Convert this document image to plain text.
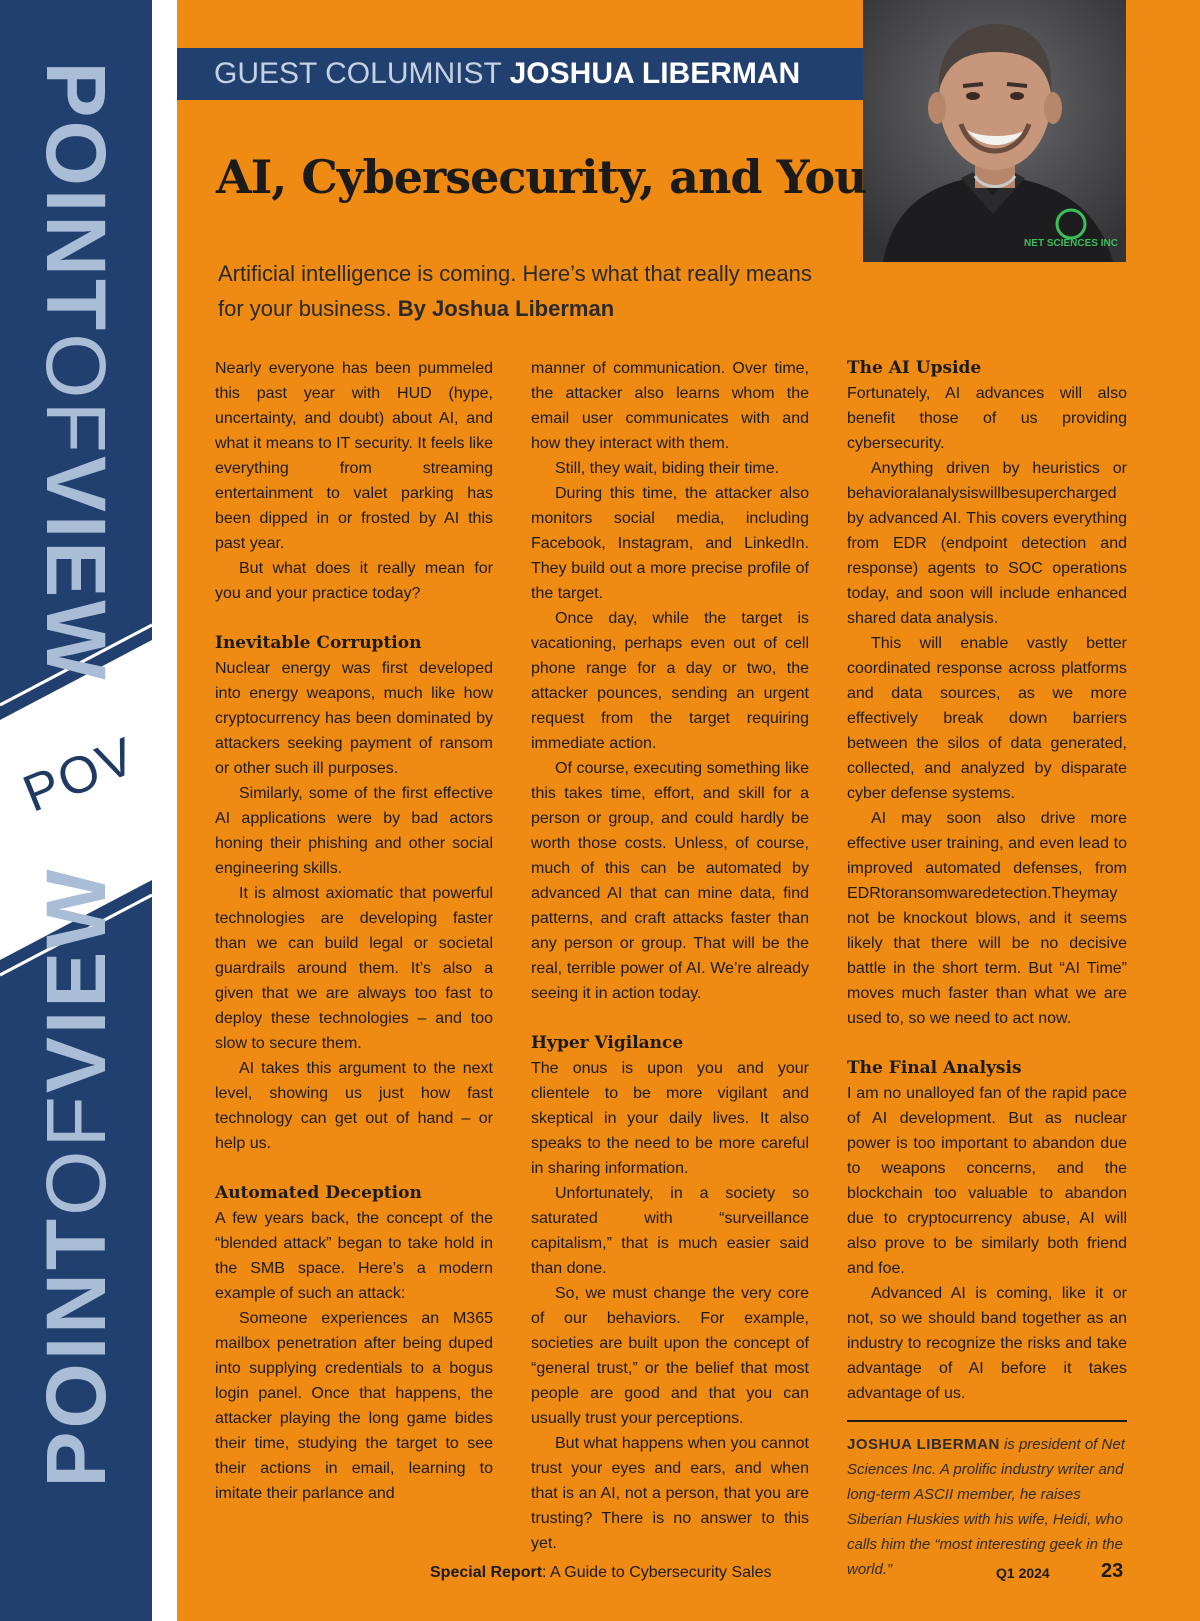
POINTOFVIEW
POINTOFVIEW
POV
GUEST COLUMNIST JOSHUA LIBERMAN
NET SCIENCES INC
AI, Cybersecurity, and You
Artificial intelligence is coming. Here’s what that really means for your business. By Joshua Liberman

Nearly everyone has been pummeled this past year with HUD (hype, uncertainty, and doubt) about AI, and what it means to IT security. It feels like everything from streaming entertainment to valet parking has been dipped in or frosted by AI this past year.

But what does it really mean for you and your practice today?

Inevitable Corruption

Nuclear energy was first developed into energy weapons, much like how cryptocurrency has been dominated by attackers seeking payment of ransom or other such ill purposes.

Similarly, some of the first effective AI applications were by bad actors honing their phishing and other social engineering skills.

It is almost axiomatic that powerful technologies are developing faster than we can build legal or societal guardrails around them. It’s also a given that we are always too fast to deploy these technologies – and too slow to secure them.

AI takes this argument to the next level, showing us just how fast technology can get out of hand – or help us.

Automated Deception

A few years back, the concept of the “blended attack” began to take hold in the SMB space. Here’s a modern example of such an attack:

Someone experiences an M365 mailbox penetration after being duped into supplying credentials to a bogus login panel. Once that happens, the attacker playing the long game bides their time, studying the target to see their actions in email, learning to imitate their parlance and

manner of communication. Over time, the attacker also learns whom the email user communicates with and how they interact with them.

Still, they wait, biding their time.

During this time, the attacker also monitors social media, including Facebook, Instagram, and LinkedIn. They build out a more precise profile of the target.

Once day, while the target is vacationing, perhaps even out of cell phone range for a day or two, the attacker pounces, sending an urgent request from the target requiring immediate action.

Of course, executing something like this takes time, effort, and skill for a person or group, and could hardly be worth those costs. Unless, of course, much of this can be automated by advanced AI that can mine data, find patterns, and craft attacks faster than any person or group. That will be the real, terrible power of AI. We’re already seeing it in action today.

Hyper Vigilance

The onus is upon you and your clientele to be more vigilant and skeptical in your daily lives. It also speaks to the need to be more careful in sharing information.

Unfortunately, in a society so saturated with “surveillance capitalism,” that is much easier said than done.

So, we must change the very core of our behaviors. For example, societies are built upon the concept of “general trust,” or the belief that most people are good and that you can usually trust your perceptions.

But what happens when you cannot trust your eyes and ears, and when that is an AI, not a person, that you are trusting? There is no answer to this yet.

The AI Upside

Fortunately, AI advances will also benefit those of us providing cybersecurity.

Anything driven by heuristics or behavioralanalysiswillbesupercharged by advanced AI. This covers everything from EDR (endpoint detection and response) agents to SOC operations today, and soon will include enhanced shared data analysis.

This will enable vastly better coordinated response across platforms and data sources, as we more effectively break down barriers between the silos of data generated, collected, and analyzed by disparate cyber defense systems.

AI may soon also drive more effective user training, and even lead to improved automated defenses, from EDRtoransomwaredetection.Theymay not be knockout blows, and it seems likely that there will be no decisive battle in the short term. But “AI Time” moves much faster than what we are used to, so we need to act now.

The Final Analysis

I am no unalloyed fan of the rapid pace of AI development. But as nuclear power is too important to abandon due to weapons concerns, and the blockchain too valuable to abandon due to cryptocurrency abuse, AI will also prove to be similarly both friend and foe.

Advanced AI is coming, like it or not, so we should band together as an industry to recognize the risks and take advantage of AI before it takes advantage of us.

JOSHUA LIBERMAN is president of Net Sciences Inc. A prolific industry writer and long-term ASCII member, he raises Siberian Huskies with his wife, Heidi, who calls him the “most interesting geek in the world.”
Special Report: A Guide to Cybersecurity Sales	Q1 2024	23
